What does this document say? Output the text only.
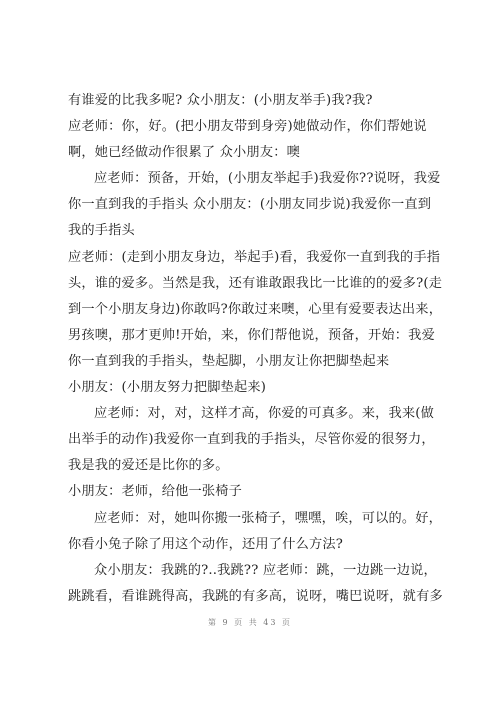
有谁爱的比我多呢? 众小朋友：(小朋友举手)我?我?
应老师：你，好。(把小朋友带到身旁)她做动作，你们帮她说
啊，她已经做动作很累了 众小朋友：噢
应老师：预备，开始，(小朋友举起手)我爱你??说呀，我爱
你一直到我的手指头 众小朋友：(小朋友同步说)我爱你一直到
我的手指头
应老师：(走到小朋友身边，举起手)看，我爱你一直到我的手指
头，谁的爱多。当然是我，还有谁敢跟我比一比谁的的爱多?(走
到一个小朋友身边)你敢吗?你敢过来噢，心里有爱要表达出来，
男孩噢，那才更帅!开始，来，你们帮他说，预备，开始：我爱
你一直到我的手指头，垫起脚，小朋友让你把脚垫起来
小朋友：(小朋友努力把脚垫起来)
应老师：对，对，这样才高，你爱的可真多。来，我来(做
出举手的动作)我爱你一直到我的手指头，尽管你爱的很努力，
我是我的爱还是比你的多。
小朋友：老师，给他一张椅子
应老师：对，她叫你搬一张椅子，嘿嘿，唉，可以的。好，
你看小兔子除了用这个动作，还用了什么方法?
众小朋友：我跳的?..我跳?? 应老师：跳，一边跳一边说，
跳跳看，看谁跳得高，我跳的有多高，说呀，嘴巴说呀，就有多
第 9 页 共 43 页
